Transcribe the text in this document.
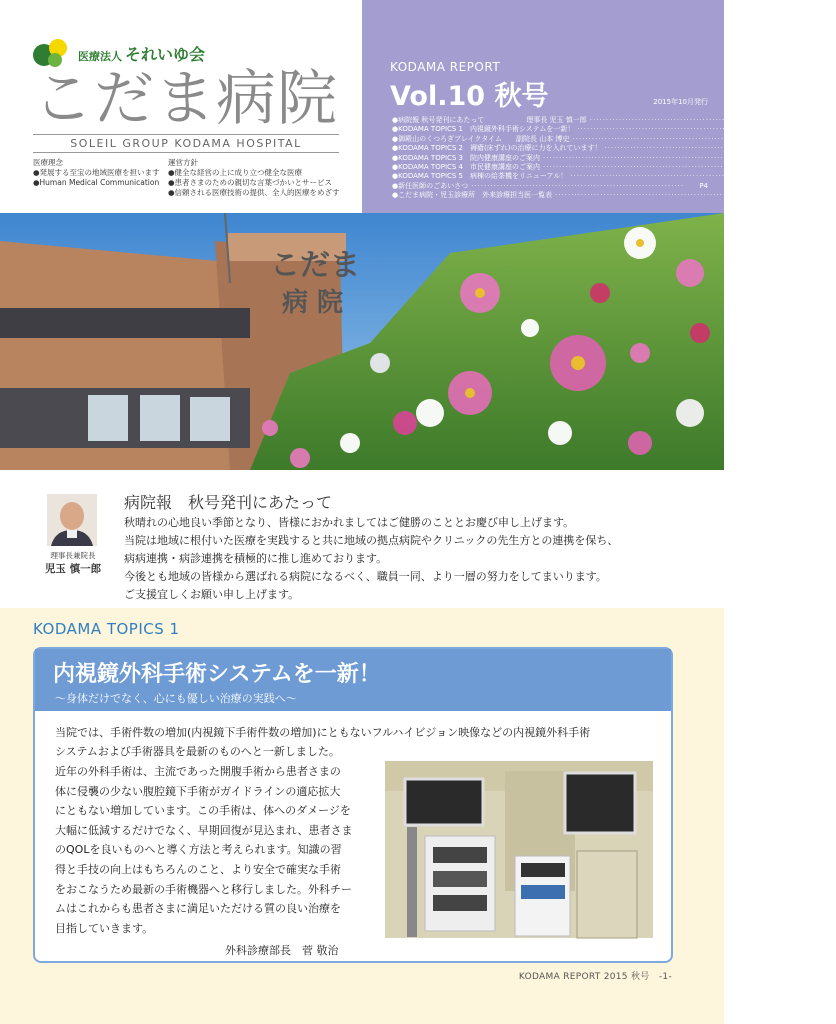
医療法人 それいゆ会
こだま病院
SOLEIL GROUP KODAMA HOSPITAL
医療理念
●発展する至宝の地域医療を担います
●Human Medical Communication
運営方針
●健全な経営の上に成り立つ健全な医療
●患者さまのための親切な言葉づかいとサービス
●信頼される医療技術の提供、全人的医療をめざす
KODAMA REPORT
Vol.10 秋号	2015年10月発行
●病院報 秋号発刊にあたって　　　　　　理事長 児玉 慎一郎 ··································································	P1
●KODAMA TOPICS 1　内視鏡外科手術システムを一新！ ··································································	P1
●御殿山のくつろぎブレイクタイム　　副院長 山本 博史 ··································································	P2
●KODAMA TOPICS 2　褥瘡(床ずれ)の治療に力を入れています！ ··································································	P3
●KODAMA TOPICS 3　院内健康講座のご案内 ··································································	P3
●KODAMA TOPICS 4　市民健康講座のご案内 ··································································	P3
●KODAMA TOPICS 5　病棟の給茶機をリニューアル！ ··································································	P3
●新任医師のごあいさつ ··································································	P4
●こだま病院・児玉診療所　外来診療担当医一覧表 ··································································	P4
こだま
病 院
理事長兼院長
児玉 慎一郎
病院報　秋号発刊にあたって
秋晴れの心地良い季節となり、皆様におかれましてはご健勝のこととお慶び申し上げます。
当院は地域に根付いた医療を実践すると共に地域の拠点病院やクリニックの先生方との連携を保ち、
病病連携・病診連携を積極的に推し進めております。
今後とも地域の皆様から選ばれる病院になるべく、職員一同、より一層の努力をしてまいります。
ご支援宜しくお願い申し上げます。
KODAMA TOPICS 1
内視鏡外科手術システムを一新！
～身体だけでなく、心にも優しい治療の実践へ～
当院では、手術件数の増加(内視鏡下手術件数の増加)にともないフルハイビジョン映像などの内視鏡外科手術
システムおよび手術器具を最新のものへと一新しました。
近年の外科手術は、主流であった開腹手術から患者さまの
体に侵襲の少ない腹腔鏡下手術がガイドラインの適応拡大
にともない増加しています。この手術は、体へのダメージを
大幅に低減するだけでなく、早期回復が見込まれ、患者さま
のQOLを良いものへと導く方法と考えられます。知識の習
得と手技の向上はもちろんのこと、より安全で確実な手術
をおこなうため最新の手術機器へと移行しました。外科チー
ムはこれからも患者さまに満足いただける質の良い治療を
目指していきます。
外科診療部長　菅 敬治
KODAMA REPORT 2015 秋号　-1-
